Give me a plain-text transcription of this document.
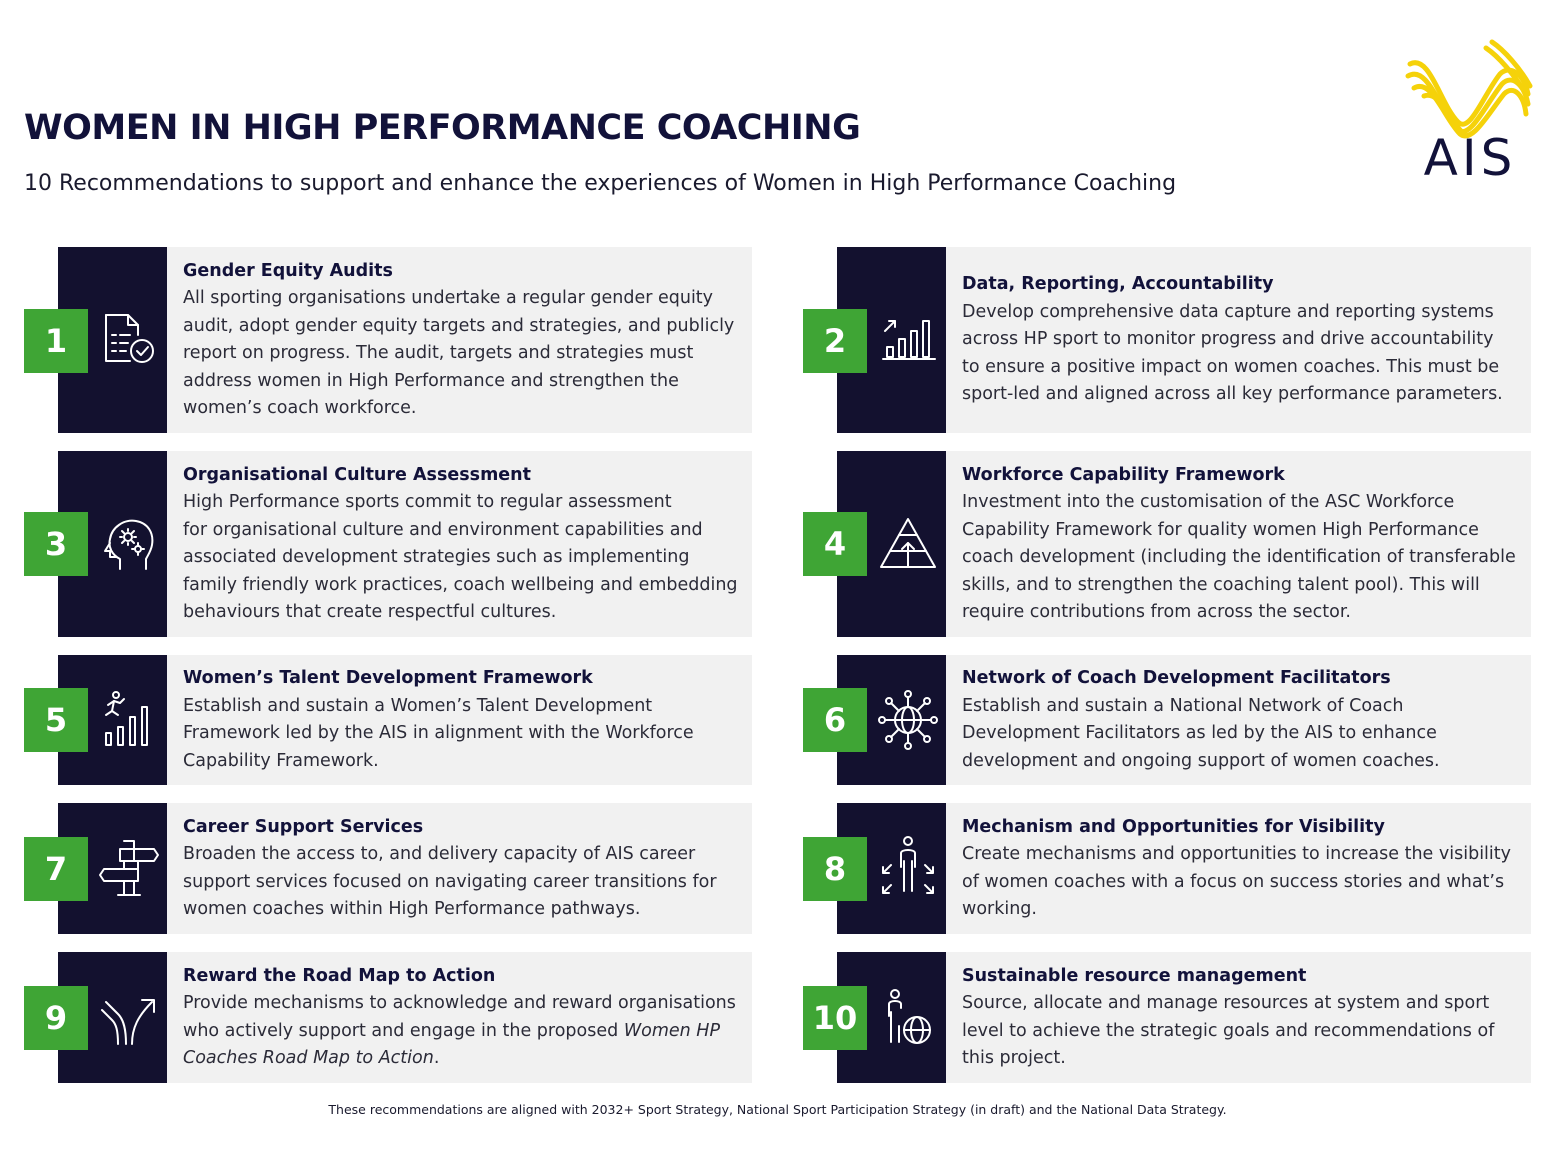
WOMEN IN HIGH PERFORMANCE COACHING
10 Recommendations to support and enhance the experiences of Women in High Performance Coaching	AIS
1
Gender Equity Audits

All sporting organisations undertake a regular gender equity
audit, adopt gender equity targets and strategies, and publicly
report on progress. The audit, targets and strategies must
address women in High Performance and strengthen the
women’s coach workforce.

2
Data, Reporting, Accountability

Develop comprehensive data capture and reporting systems
across HP sport to monitor progress and drive accountability
to ensure a positive impact on women coaches. This must be
sport-led and aligned across all key performance parameters.

3
Organisational Culture Assessment

High Performance sports commit to regular assessment
for organisational culture and environment capabilities and
associated development strategies such as implementing
family friendly work practices, coach wellbeing and embedding
behaviours that create respectful cultures.

4
Workforce Capability Framework

Investment into the customisation of the ASC Workforce
Capability Framework for quality women High Performance
coach development (including the identification of transferable
skills, and to strengthen the coaching talent pool). This will
require contributions from across the sector.

5
Women’s Talent Development Framework

Establish and sustain a Women’s Talent Development
Framework led by the AIS in alignment with the Workforce
Capability Framework.

6
Network of Coach Development Facilitators

Establish and sustain a National Network of Coach
Development Facilitators as led by the AIS to enhance
development and ongoing support of women coaches.

7
Career Support Services

Broaden the access to, and delivery capacity of AIS career
support services focused on navigating career transitions for
women coaches within High Performance pathways.

8
Mechanism and Opportunities for Visibility

Create mechanisms and opportunities to increase the visibility
of women coaches with a focus on success stories and what’s
working.

9
Reward the Road Map to Action

Provide mechanisms to acknowledge and reward organisations
who actively support and engage in the proposed Women HP
Coaches Road Map to Action.

10
Sustainable resource management

Source, allocate and manage resources at system and sport
level to achieve the strategic goals and recommendations of
this project.

These recommendations are aligned with 2032+ Sport Strategy, National Sport Participation Strategy (in draft) and the National Data Strategy.
